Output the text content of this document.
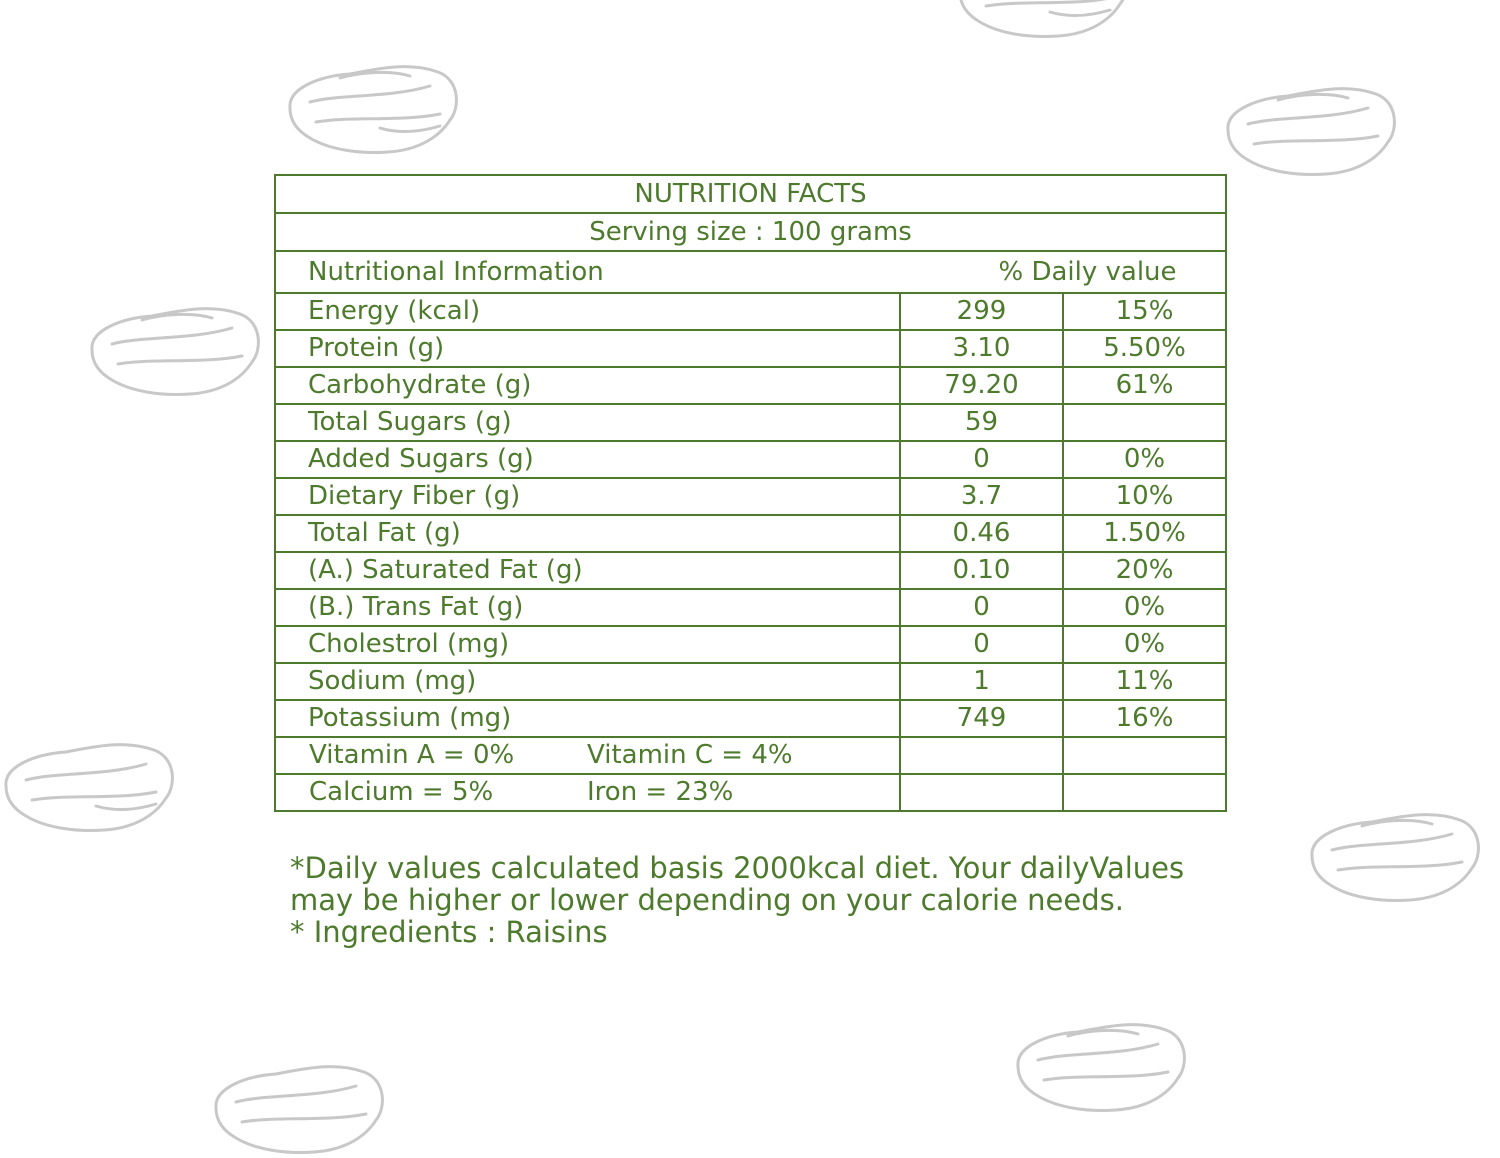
NUTRITION FACTS		
Serving size : 100 grams		
Nutritional Information	% Daily value	
Energy (kcal)	299	15%
Protein (g)	3.10	5.50%
Carbohydrate (g)	79.20	61%
Total Sugars (g)	59	
Added Sugars (g)	0	0%
Dietary Fiber (g)	3.7	10%
Total Fat (g)	0.46	1.50%
(A.) Saturated Fat (g)	0.10	20%
(B.) Trans Fat (g)	0	0%
Cholestrol (mg)	0	0%
Sodium (mg)	1	11%
Potassium (mg)	749	16%

Vitamin A = 0% Vitamin C = 4%		

Calcium = 5% Iron = 23%		

*Daily values calculated basis 2000kcal diet. Your dailyValues
may be higher or lower depending on your calorie needs.
* Ingredients : Raisins
